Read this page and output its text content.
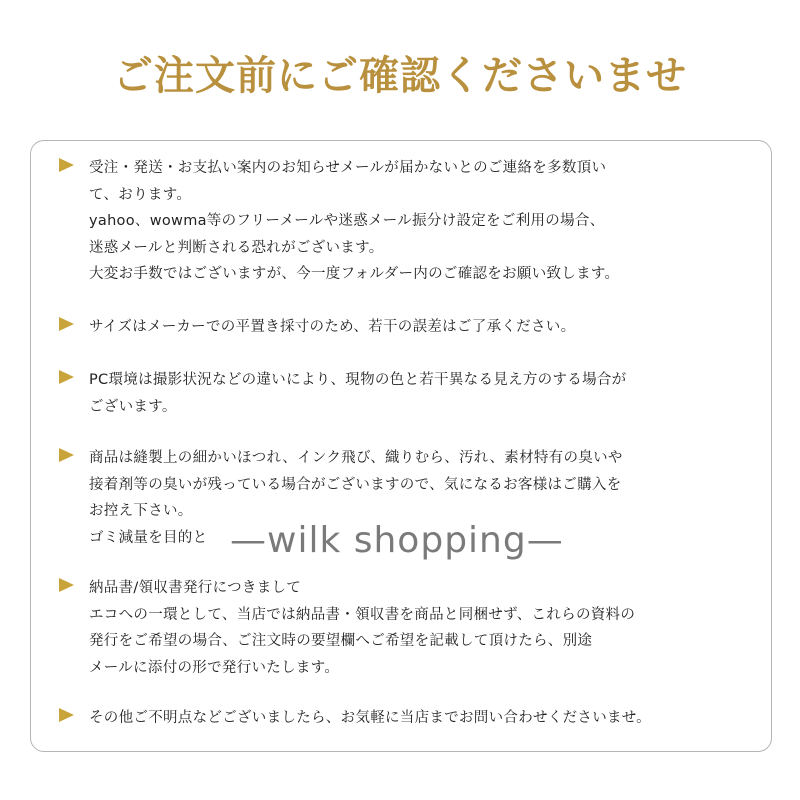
ご注文前にご確認くださいませ
受注・発送・お支払い案内のお知らせメールが届かないとのご連絡を多数頂い
て、おります。
yahoo、wowma等のフリーメールや迷惑メール振分け設定をご利用の場合、
迷惑メールと判断される恐れがございます。
大変お手数ではございますが、今一度フォルダー内のご確認をお願い致します。
サイズはメーカーでの平置き採寸のため、若干の誤差はご了承ください。
PC環境は撮影状況などの違いにより、現物の色と若干異なる見え方のする場合が
ございます。
商品は縫製上の細かいほつれ、インク飛び、織りむら、汚れ、素材特有の臭いや
接着剤等の臭いが残っている場合がございますので、気になるお客様はご購入を
お控え下さい。
ゴミ減量を目的と
納品書/領収書発行につきまして
エコへの一環として、当店では納品書・領収書を商品と同梱せず、これらの資料の
発行をご希望の場合、ご注文時の要望欄へご希望を記載して頂けたら、別途
メールに添付の形で発行いたします。
その他ご不明点などございましたら、お気軽に当店までお問い合わせくださいませ。
—wilk shopping—
